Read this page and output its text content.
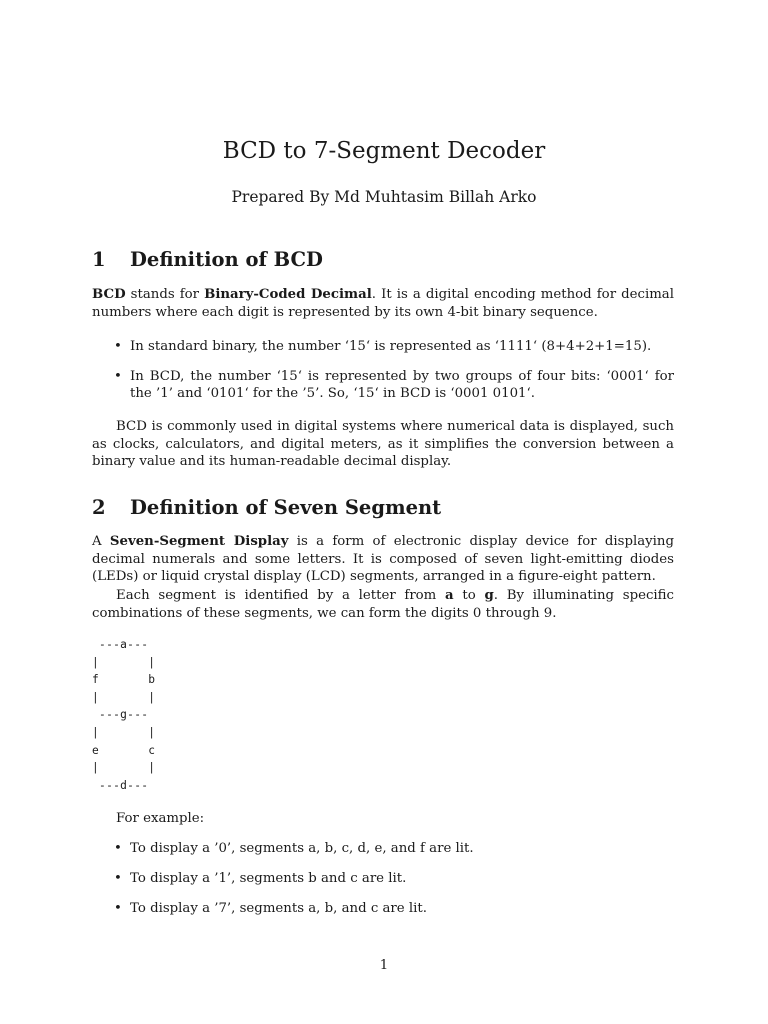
BCD to 7-Segment Decoder

Prepared By Md Muhtasim Billah Arko

1 Definition of BCD

BCD stands for Binary-Coded Decimal. It is a digital encoding method for decimal numbers where each digit is represented by its own 4-bit binary sequence.

• In standard binary, the number ‘15‘ is represented as ‘1111‘ (8+4+2+1=15).
• In BCD, the number ‘15‘ is represented by two groups of four bits: ‘0001‘ for the ’1’ and ‘0101‘ for the ’5’. So, ‘15‘ in BCD is ‘0001 0101‘.

BCD is commonly used in digital systems where numerical data is displayed, such as clocks, calculators, and digital meters, as it simplifies the conversion between a binary value and its human-readable decimal display.

2 Definition of Seven Segment

A Seven-Segment Display is a form of electronic display device for displaying decimal numerals and some letters. It is composed of seven light-emitting diodes (LEDs) or liquid crystal display (LCD) segments, arranged in a figure-eight pattern.

Each segment is identified by a letter from a to g. By illuminating specific combinations of these segments, we can form the digits 0 through 9.

---a---
|       |
f       b
|       |
---g---
|       |
e       c
|       |
---d---

For example:

• To display a ’0’, segments a, b, c, d, e, and f are lit.
• To display a ’1’, segments b and c are lit.
• To display a ’7’, segments a, b, and c are lit.
1
